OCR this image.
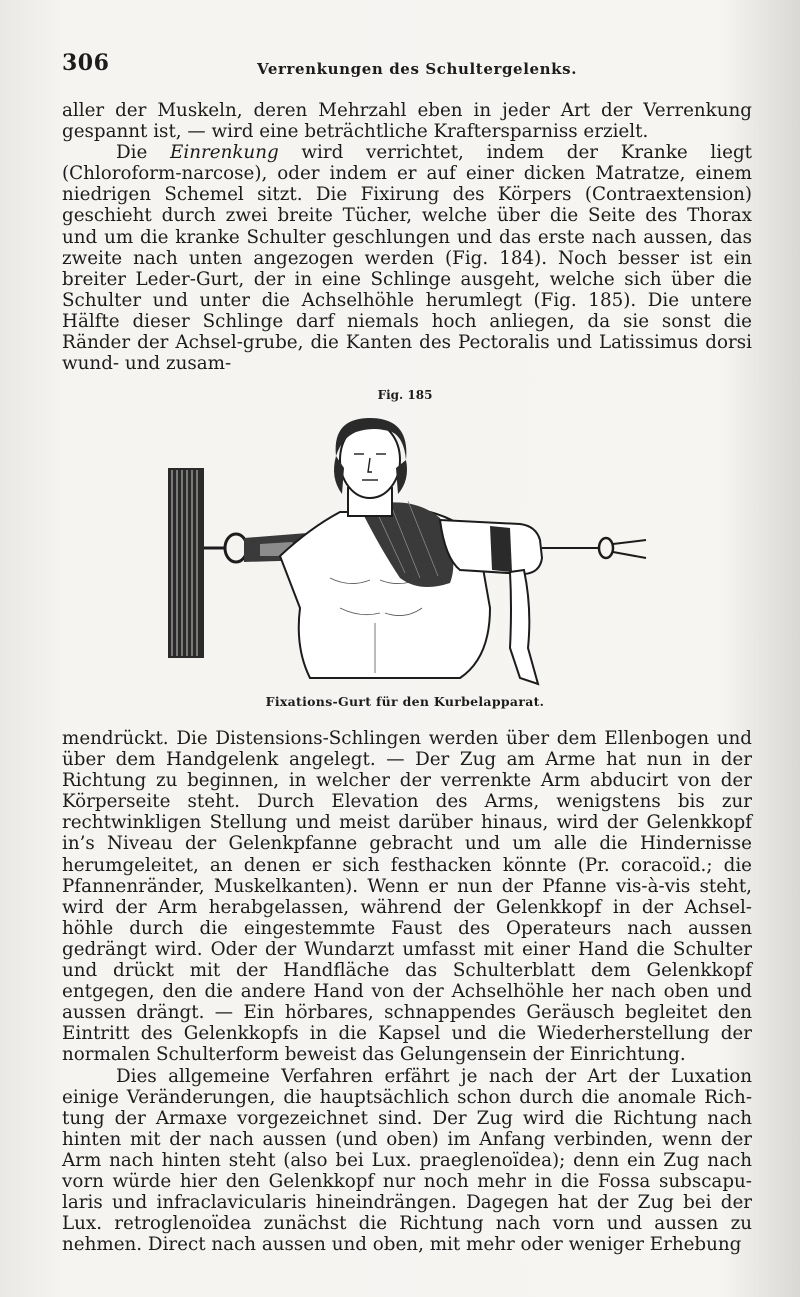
306	Verrenkungen des Schultergelenks.

aller der Muskeln, deren Mehrzahl eben in jeder Art der Verrenkung gespannt ist, — wird eine beträchtliche Kraftersparniss erzielt.

Die Einrenkung wird verrichtet, indem der Kranke liegt (Chloroform-narcose), oder indem er auf einer dicken Matratze, einem niedrigen Schemel sitzt. Die Fixirung des Körpers (Contraextension) geschieht durch zwei breite Tücher, welche über die Seite des Thorax und um die kranke Schulter geschlungen und das erste nach aussen, das zweite nach unten angezogen werden (Fig. 184). Noch besser ist ein breiter Leder-Gurt, der in eine Schlinge ausgeht, welche sich über die Schulter und unter die Achselhöhle herumlegt (Fig. 185). Die untere Hälfte dieser Schlinge darf niemals hoch anliegen, da sie sonst die Ränder der Achsel-grube, die Kanten des Pectoralis und Latissimus dorsi wund- und zusam-

Fig. 185
Fixations-Gurt für den Kurbelapparat.

mendrückt. Die Distensions-Schlingen werden über dem Ellenbogen und über dem Handgelenk angelegt. — Der Zug am Arme hat nun in der Richtung zu beginnen, in welcher der verrenkte Arm abducirt von der Körperseite steht. Durch Elevation des Arms, wenigstens bis zur rechtwinkligen Stellung und meist darüber hinaus, wird der Gelenkkopf in’s Niveau der Gelenkpfanne gebracht und um alle die Hindernisse herumgeleitet, an denen er sich festhacken könnte (Pr. coracoïd.; die Pfannenränder, Muskelkanten). Wenn er nun der Pfanne vis-à-vis steht, wird der Arm herabgelassen, während der Gelenkkopf in der Achsel-höhle durch die eingestemmte Faust des Operateurs nach aussen gedrängt wird. Oder der Wundarzt umfasst mit einer Hand die Schulter und drückt mit der Handfläche das Schulterblatt dem Gelenkkopf entgegen, den die andere Hand von der Achselhöhle her nach oben und aussen drängt. — Ein hörbares, schnappendes Geräusch begleitet den Eintritt des Gelenkkopfs in die Kapsel und die Wiederherstellung der normalen Schulterform beweist das Gelungensein der Einrichtung.

Dies allgemeine Verfahren erfährt je nach der Art der Luxation einige Veränderungen, die hauptsächlich schon durch die anomale Rich-tung der Armaxe vorgezeichnet sind. Der Zug wird die Richtung nach hinten mit der nach aussen (und oben) im Anfang verbinden, wenn der Arm nach hinten steht (also bei Lux. praeglenoïdea); denn ein Zug nach vorn würde hier den Gelenkkopf nur noch mehr in die Fossa subscapu-laris und infraclavicularis hineindrängen. Dagegen hat der Zug bei der Lux. retroglenoïdea zunächst die Richtung nach vorn und aussen zu nehmen. Direct nach aussen und oben, mit mehr oder weniger Erhebung
